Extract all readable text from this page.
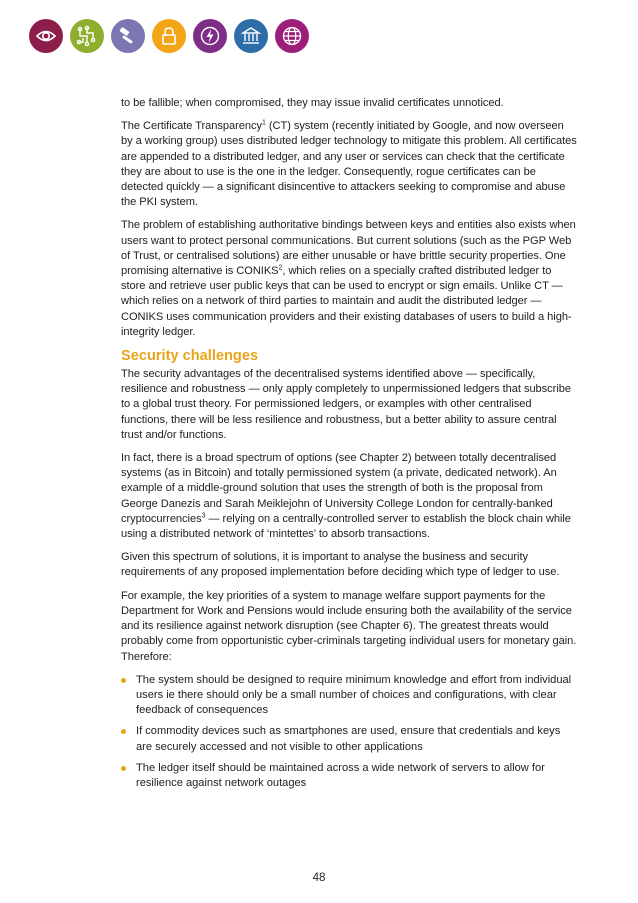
to be fallible; when compromised, they may issue invalid certificates unnoticed.

The Certificate Transparency$^1$ (CT) system (recently initiated by Google, and now overseen by a working group) uses distributed ledger technology to mitigate this problem. All certificates are appended to a distributed ledger, and any user or services can check that the certificate they are about to use is the one in the ledger. Consequently, rogue certificates can be detected quickly — a significant disincentive to attackers seeking to compromise and abuse the PKI system.

The problem of establishing authoritative bindings between keys and entities also exists when users want to protect personal communications. But current solutions (such as the PGP Web of Trust, or centralised solutions) are either unusable or have brittle security properties. One promising alternative is CONIKS$^2$, which relies on a specially crafted distributed ledger to store and retrieve user public keys that can be used to encrypt or sign emails. Unlike CT — which relies on a network of third parties to maintain and audit the distributed ledger — CONIKS uses communication providers and their existing databases of users to build a high-integrity ledger.

Security challenges

The security advantages of the decentralised systems identified above — specifically, resilience and robustness — only apply completely to unpermissioned ledgers that subscribe to a global trust theory. For permissioned ledgers, or examples with other centralised functions, there will be less resilience and robustness, but a better ability to assure central trust and/or functions.

In fact, there is a broad spectrum of options (see Chapter 2) between totally decentralised systems (as in Bitcoin) and totally permissioned system (a private, dedicated network). An example of a middle-ground solution that uses the strength of both is the proposal from George Danezis and Sarah Meiklejohn of University College London for centrally-banked cryptocurrencies$^3$ — relying on a centrally-controlled server to establish the block chain while using a distributed network of ‘mintettes’ to absorb transactions.

Given this spectrum of solutions, it is important to analyse the business and security requirements of any proposed implementation before deciding which type of ledger to use.

For example, the key priorities of a system to manage welfare support payments for the Department for Work and Pensions would include ensuring both the availability of the service and its resilience against network disruption (see Chapter 6). The greatest threats would probably come from opportunistic cyber-criminals targeting individual users for monetary gain. Therefore:

The system should be designed to require minimum knowledge and effort from individual users ie there should only be a small number of choices and configurations, with clear feedback of consequences
If commodity devices such as smartphones are used, ensure that credentials and keys are securely accessed and not visible to other applications
The ledger itself should be maintained across a wide network of servers to allow for resilience against network outages
48
